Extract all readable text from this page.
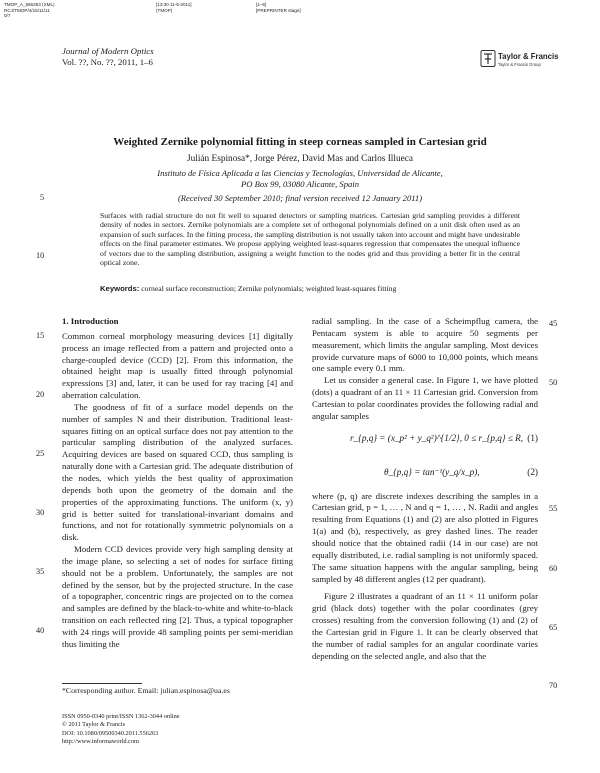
TMOP_A_556263 (XML)
RCJ/TMOP/4/15/11/11
0/7
[13:30 11-5-2011]
(TMOP)
[1–6]
[PREPRINTER stage]
Journal of Modern Optics
Vol. ??, No. ??, 2011, 1–6
Taylor & Francis
Taylor & Francis Group
Weighted Zernike polynomial fitting in steep corneas sampled in Cartesian grid
Julián Espinosa*, Jorge Pérez, David Mas and Carlos Illueca
Instituto de Física Aplicada a las Ciencias y Tecnologías, Universidad de Alicante,
PO Box 99, 03080 Alicante, Spain
(Received 30 September 2010; final version received 12 January 2011)
Surfaces with radial structure do not fit well to squared detectors or sampling matrices. Cartesian grid sampling provides a different density of nodes in sectors. Zernike polynomials are a complete set of orthogonal polynomials defined on a unit disk often used as an expansion of such surfaces. In the fitting process, the sampling distribution is not usually taken into account and might have undesirable effects on the final parameter estimates. We propose applying weighted least-squares regression that compensates the unequal influence of vectors due to the sampling distribution, assigning a weight function to the nodes grid and thus providing a better fit in the central optical zone.
Keywords: corneal surface reconstruction; Zernike polynomials; weighted least-squares fitting
5
10
15
20
25
30
35
40
45
50
55
60
65
70

1. Introduction

Common corneal morphology measuring devices [1] digitally process an image reflected from a pattern and projected onto a charge-coupled device (CCD) [2]. From this information, the obtained height map is usually fitted through polynomial expressions [3] and, later, it can be used for ray tracing [4] and aberration calculation.

The goodness of fit of a surface model depends on the number of samples N and their distribution. Traditional least-squares fitting on an optical surface does not pay attention to the particular sampling distribution of the analyzed surfaces. Acquiring devices are based on squared CCD, thus sampling is naturally done with a Cartesian grid. The adequate distribution of the nodes, which yields the best quality of approximation depends both upon the geometry of the domain and the properties of the approximating functions. The uniform (x, y) grid is better suited for translational-invariant domains and functions, and not for rotationally symmetric polynomials on a disk.

Modern CCD devices provide very high sampling density at the image plane, so selecting a set of nodes for surface fitting should not be a problem. Unfortunately, the samples are not defined by the sensor, but by the projected structure. In the case of a topographer, concentric rings are projected on to the cornea and samples are defined by the black-to-white and white-to-black transition on each reflected ring [2]. Thus, a typical topographer with 24 rings will provide 48 sampling points per semi-meridian thus limiting the

radial sampling. In the case of a Scheimpflug camera, the Pentacam system is able to acquire 50 segments per measurement, which limits the angular sampling. Most devices provide curvature maps of 6000 to 10,000 points, which means one sample every 0.1 mm.

Let us consider a general case. In Figure 1, we have plotted (dots) a quadrant of an 11 × 11 Cartesian grid. Conversion from Cartesian to polar coordinates provides the following radial and angular samples

r_{p,q} = (x_p² + y_q²)^{1/2}, 0 ≤ r_{p,q} ≤ R, (1)
θ_{p,q} = tan⁻¹(y_q/x_p),	(2)

where (p, q) are discrete indexes describing the samples in a Cartesian grid, p = 1, … , N and q = 1, … , N. Radii and angles resulting from Equations (1) and (2) are also plotted in Figures 1(a) and (b), respectively, as grey dashed lines. The reader should notice that the obtained radii (14 in our case) are not equally distributed, i.e. radial sampling is not uniformly spaced. The same situation happens with the angular sampling, being sampled by 48 different angles (12 per quadrant).

Figure 2 illustrates a quadrant of an 11 × 11 uniform polar grid (black dots) together with the polar coordinates (grey crosses) resulting from the conversion following (1) and (2) of the Cartesian grid in Figure 1. It can be clearly observed that the number of radial samples for an angular coordinate varies depending on the selected angle, and also that the

*Corresponding author. Email: julian.espinosa@ua.es
ISSN 0950-0340 print/ISSN 1362-3044 online
© 2011 Taylor & Francis
DOI: 10.1080/09500340.2011.556263
http://www.informaworld.com
